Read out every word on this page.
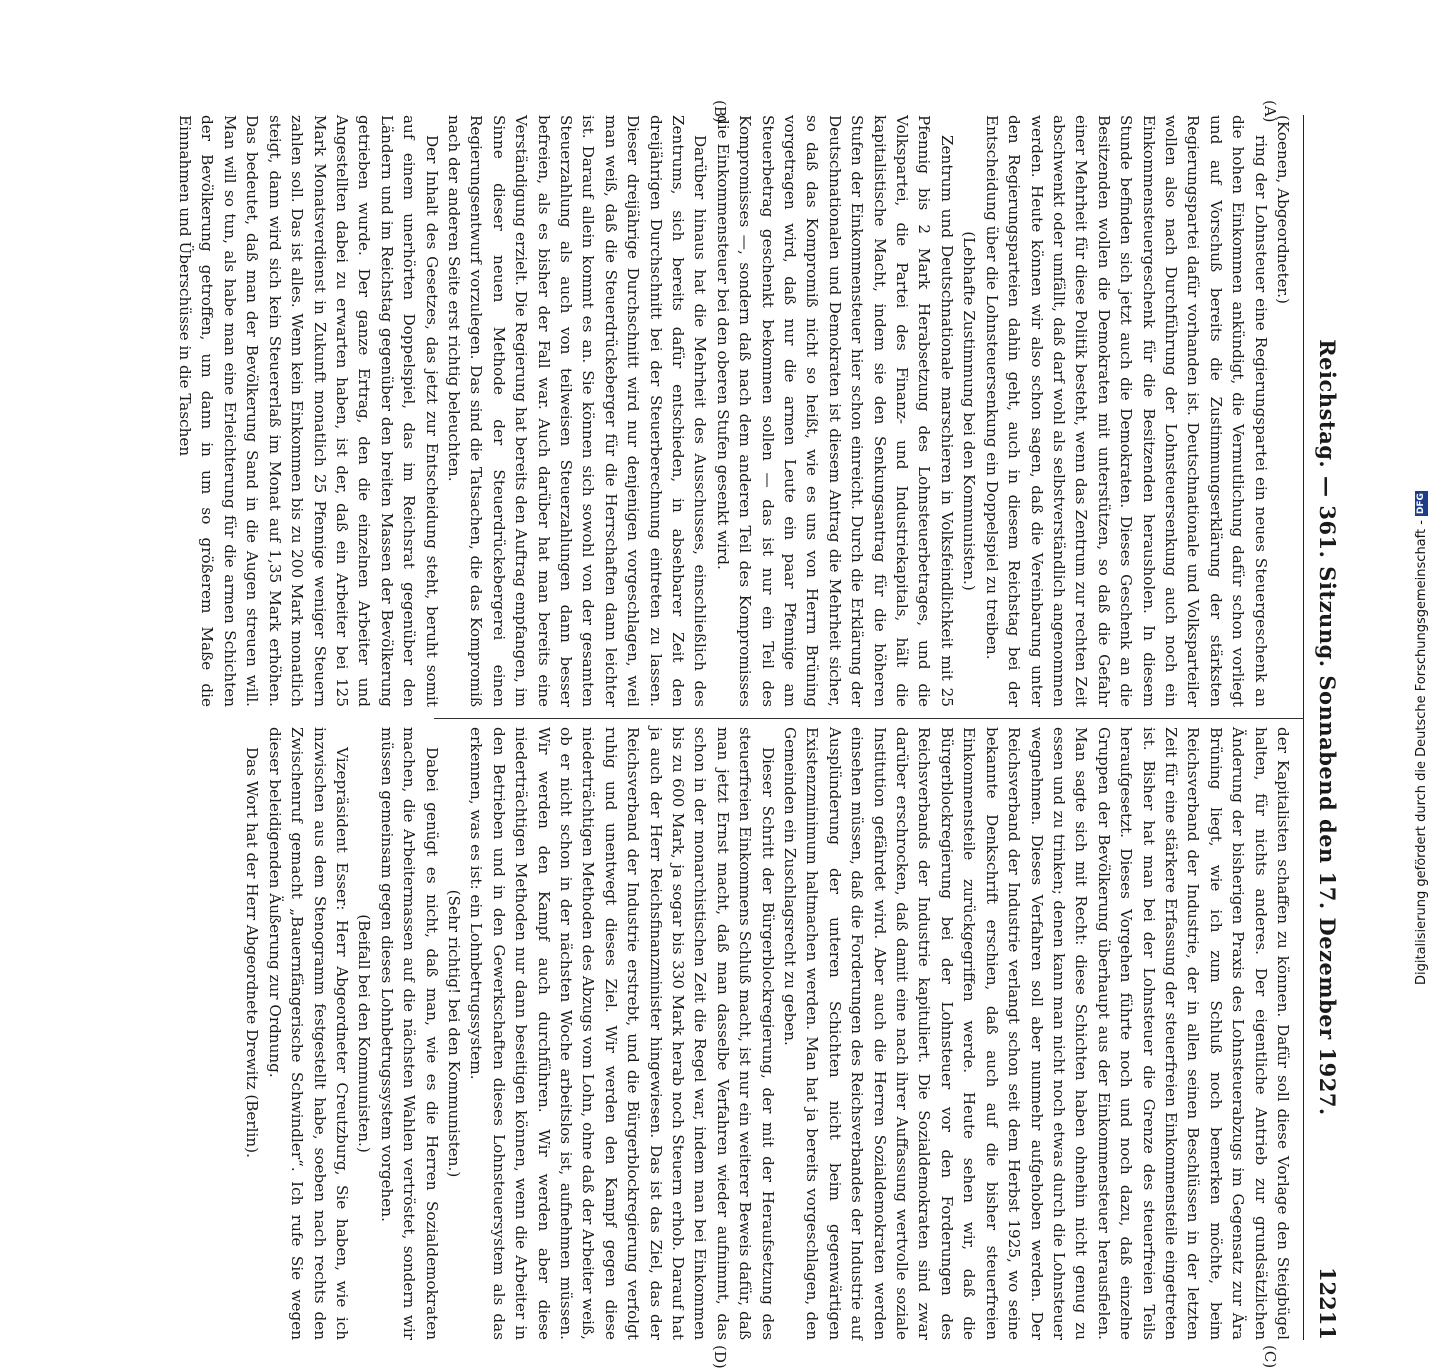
Reichstag. — 361. Sitzung. Sonnabend den 17. Dezember 1927.
12211
(A)
(B)
(C)
(D)

(Koenen, Abgeordneter.)

ring der Lohnsteuer eine Regierungspartei ein neues Steuergeschenk an die hohen Einkommen ankündigt, die Vermutlichung dafür schon vorliegt und auf Vorschuß bereits die Zustimmungserklärung der stärksten Regierungspartei dafür vorhanden ist. Deutschnationale und Volksparteiler wollen also nach Durchführung der Lohnsteuersenkung auch noch ein Einkommensteuergeschenk für die Besitzenden herausholen. In diesem Stunde befinden sich jetzt auch die Demokraten. Dieses Geschenk an die Besitzenden wollen die Demokraten mit unterstützen, so daß die Gefahr einer Mehrheit für diese Politik besteht, wenn das Zentrum zur rechten Zeit abschwenkt oder umfällt, daß darf wohl als selbstverständlich angenommen werden. Heute können wir also schon sagen, daß die Vereinbarung unter den Regierungsparteien dahin geht, auch in diesem Reichstag bei der Entscheidung über die Lohnsteuersenkung ein Doppelspiel zu treiben.

(Lebhafte Zustimmung bei den Kommunisten.)

Zentrum und Deutschnationale marschieren in Volksfeindlichkeit mit 25 Pfennig bis 2 Mark Herabsetzung des Lohnsteuerbetrages, und die Volkspartei, die Partei des Finanz- und Industriekapitals, hält die kapitalistische Macht, indem sie den Senkungsantrag für die höheren Stufen der Einkommensteuer hier schon einreicht. Durch die Erklärung der Deutschnationalen und Demokraten ist diesem Antrag die Mehrheit sicher, so daß das Kompromiß nicht so heißt, wie es uns von Herrn Brüning vorgetragen wird, daß nur die armen Leute ein paar Pfennige am Steuerbetrag geschenkt bekommen sollen — das ist nur ein Teil des Kompromisses —, sondern daß nach dem anderen Teil des Kompromisses die Einkommensteuer bei den oberen Stufen gesenkt wird.

Darüber hinaus hat die Mehrheit des Ausschusses, einschließlich des Zentrums, sich bereits dafür entschieden, in absehbarer Zeit den dreijährigen Durchschnitt bei der Steuerberechnung eintreten zu lassen. Dieser dreijährige Durchschnitt wird nur denjenigen vorgeschlagen, weil man weiß, daß die Steuerdrückeberger für die Herrschaften dann leichter ist. Darauf allein kommt es an. Sie können sich sowohl von der gesamten Steuerzahlung als auch von teilweisen Steuerzahlungen dann besser befreien, als es bisher der Fall war. Auch darüber hat man bereits eine Verständigung erzielt. Die Regierung hat bereits den Auftrag empfangen, im Sinne dieser neuen Methode der Steuerdrückebergerei einen Regierungsentwurf vorzulegen. Das sind die Tatsachen, die das Kompromiß nach der anderen Seite erst richtig beleuchten.

Der Inhalt des Gesetzes, das jetzt zur Entscheidung steht, beruht somit auf einem unerhörten Doppelspiel, das im Reichsrat gegenüber den Ländern und im Reichstag gegenüber den breiten Massen der Bevölkerung getrieben wurde. Der ganze Ertrag, den die einzelnen Arbeiter und Angestellten dabei zu erwarten haben, ist der, daß ein Arbeiter bei 125 Mark Monatsverdienst in Zukunft monatlich 25 Pfennige weniger Steuern zahlen soll. Das ist alles. Wenn kein Einkommen bis zu 200 Mark monatlich steigt, dann wird sich kein Steuererlaß im Monat auf 1,35 Mark erhöhen. Das bedeutet, daß man der Bevölkerung Sand in die Augen streuen will. Man will so tun, als habe man eine Erleichterung für die armen Schichten der Bevölkerung getroffen, um dann in um so größerem Maße die Einnahmen und Überschüsse in die Taschen

der Kapitalisten schaffen zu können. Dafür soll diese Vorlage den Steigbügel halten, für nichts anderes. Der eigentliche Antrieb zur grundsätzlichen Änderung der bisherigen Praxis des Lohnsteuerabzugs im Gegensatz zur Ära Brüning liegt, wie ich zum Schluß noch bemerken möchte, beim Reichsverband der Industrie, der in allen seinen Beschlüssen in der letzten Zeit für eine stärkere Erfassung der steuerfreien Einkommensteile eingetreten ist. Bisher hat man bei der Lohnsteuer die Grenze des steuerfreien Teils heraufgesetzt. Dieses Vorgehen führte noch und noch dazu, daß einzelne Gruppen der Bevölkerung überhaupt aus der Einkommensteuer herausfielen. Man sagte sich mit Recht: diese Schichten haben ohnehin nicht genug zu essen und zu trinken; denen kann man nicht noch etwas durch die Lohnsteuer wegnehmen. Dieses Verfahren soll aber nunmehr aufgehoben werden. Der Reichsverband der Industrie verlangt schon seit dem Herbst 1925, wo seine bekannte Denkschrift erschien, daß auch auf die bisher steuerfreien Einkommensteile zurückgegriffen werde. Heute sehen wir, daß die Bürgerblockregierung bei der Lohnsteuer vor den Forderungen des Reichsverbands der Industrie kapituliert. Die Sozialdemokraten sind zwar darüber erschrocken, daß damit eine nach ihrer Auffassung wertvolle soziale Institution gefährdet wird. Aber auch die Herren Sozialdemokraten werden einsehen müssen, daß die Forderungen des Reichsverbandes der Industrie auf Ausplünderung der unteren Schichten nicht beim gegenwärtigen Existenzminimum haltmachen werden. Man hat ja bereits vorgeschlagen, den Gemeinden ein Zuschlagsrecht zu geben.

Dieser Schritt der Bürgerblockregierung, der mit der Heraufsetzung des steuerfreien Einkommens Schluß macht, ist nur ein weiterer Beweis dafür, daß man jetzt Ernst macht, daß man dasselbe Verfahren wieder aufnimmt, das schon in der monarchistischen Zeit die Regel war, indem man bei Einkommen bis zu 600 Mark, ja sogar bis 330 Mark herab noch Steuern erhob. Darauf hat ja auch der Herr Reichsfinanzminister hingewiesen. Das ist das Ziel, das der Reichsverband der Industrie erstrebt, und die Bürgerblockregierung verfolgt ruhig und unentwegt dieses Ziel. Wir werden den Kampf gegen diese niederträchtigen Methoden des Abzugs vom Lohn, ohne daß der Arbeiter weiß, ob er nicht schon in der nächsten Woche arbeitslos ist, aufnehmen müssen. Wir werden den Kampf auch durchführen. Wir werden aber diese niederträchtigen Methoden nur dann beseitigen können, wenn die Arbeiter in den Betrieben und in den Gewerkschaften dieses Lohnsteuersystem als das erkennen, was es ist: ein Lohnbetrugssystem.

(Sehr richtig! bei den Kommunisten.)

Dabei genügt es nicht, daß man, wie es die Herren Sozialdemokraten machen, die Arbeitermassen auf die nächsten Wahlen vertröstet, sondern wir müssen gemeinsam gegen dieses Lohnbetrugssystem vorgehen.

(Beifall bei den Kommunisten.)

Vizepräsident Esser: Herr Abgeordneter Creutzburg, Sie haben, wie ich inzwischen aus dem Stenogramm festgestellt habe, soeben nach rechts den Zwischenruf gemacht „Bauernfängerische Schwindler“. Ich rufe Sie wegen dieser beleidigenden Äußerung zur Ordnung.

Das Wort hat der Herr Abgeordnete Drewitz (Berlin).	Digitalisierung gefördert durch die Deutsche Forschungsgemeinschaft -
DFG
